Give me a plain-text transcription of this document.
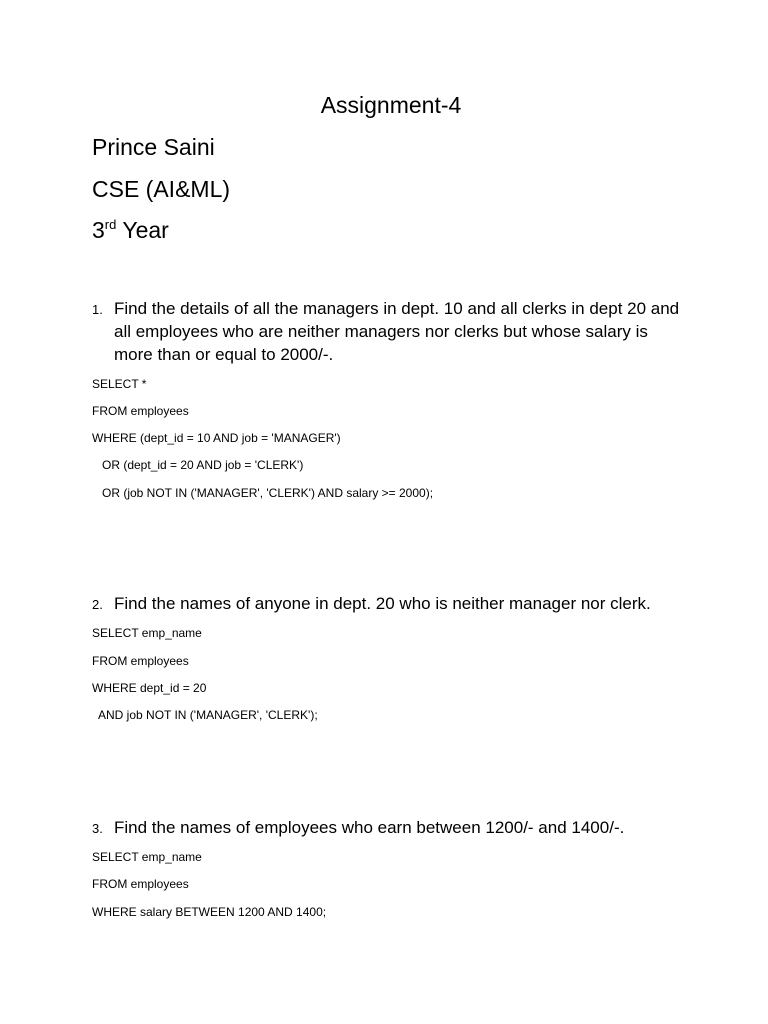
Assignment-4
Prince Saini
CSE (AI&ML)
3rd Year
1. Find the details of all the managers in dept. 10 and all clerks in dept 20 and all employees who are neither managers nor clerks but whose salary is more than or equal to 2000/-.
SELECT *
FROM employees
WHERE (dept_id = 10 AND job = 'MANAGER')
OR (dept_id = 20 AND job = 'CLERK')
OR (job NOT IN ('MANAGER', 'CLERK') AND salary >= 2000);
2. Find the names of anyone in dept. 20 who is neither manager nor clerk.
SELECT emp_name
FROM employees
WHERE dept_id = 20
AND job NOT IN ('MANAGER', 'CLERK');
3. Find the names of employees who earn between 1200/- and 1400/-.
SELECT emp_name
FROM employees
WHERE salary BETWEEN 1200 AND 1400;
